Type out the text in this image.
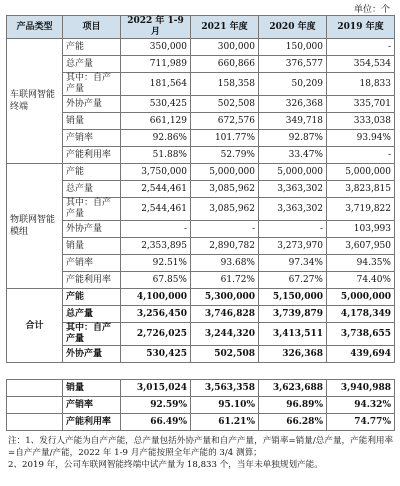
单位：个
产品类型	项目	2022 年 1-9 月	2021 年度	2020 年度	2019 年度
车联网智能终端	产能	350,000	300,000	150,000	-
	总产量	711,989	660,866	376,577	354,534
	其中：自产产量	181,564	158,358	50,209	18,833
	外协产量	530,425	502,508	326,368	335,701
	销量	661,129	672,576	349,718	333,038
	产销率	92.86%	101.77%	92.87%	93.94%
	产能利用率	51.88%	52.79%	33.47%	-
物联网智能模组	产能	3,750,000	5,000,000	5,000,000	5,000,000
	总产量	2,544,461	3,085,962	3,363,302	3,823,815
	其中：自产产量	2,544,461	3,085,962	3,363,302	3,719,822
	外协产量	-	-	-	103,993
	销量	2,353,895	2,890,782	3,273,970	3,607,950
	产销率	92.51%	93.68%	97.34%	94.35%
	产能利用率	67.85%	61.72%	67.27%	74.40%
合计	产能	4,100,000	5,300,000	5,150,000	5,000,000
	总产量	3,256,450	3,746,828	3,739,879	4,178,349
	其中：自产产量	2,726,025	3,244,320	3,413,511	3,738,655
	外协产量	530,425	502,508	326,368	439,694

	销量	3,015,024	3,563,358	3,623,688	3,940,988
	产销率	92.59%	95.10%	96.89%	94.32%
	产能利用率	66.49%	61.21%	66.28%	74.77%
注：1、发行人产能为自产产能，总产量包括外协产量和自产产量，产销率=销量/总产量，产能利用率=自产产量/产能，2022 年 1-9 月产能按照全年产能的 3/4 测算；
2、2019 年，公司车联网智能终端中试产量为 18,833 个，当年未单独规划产能。
